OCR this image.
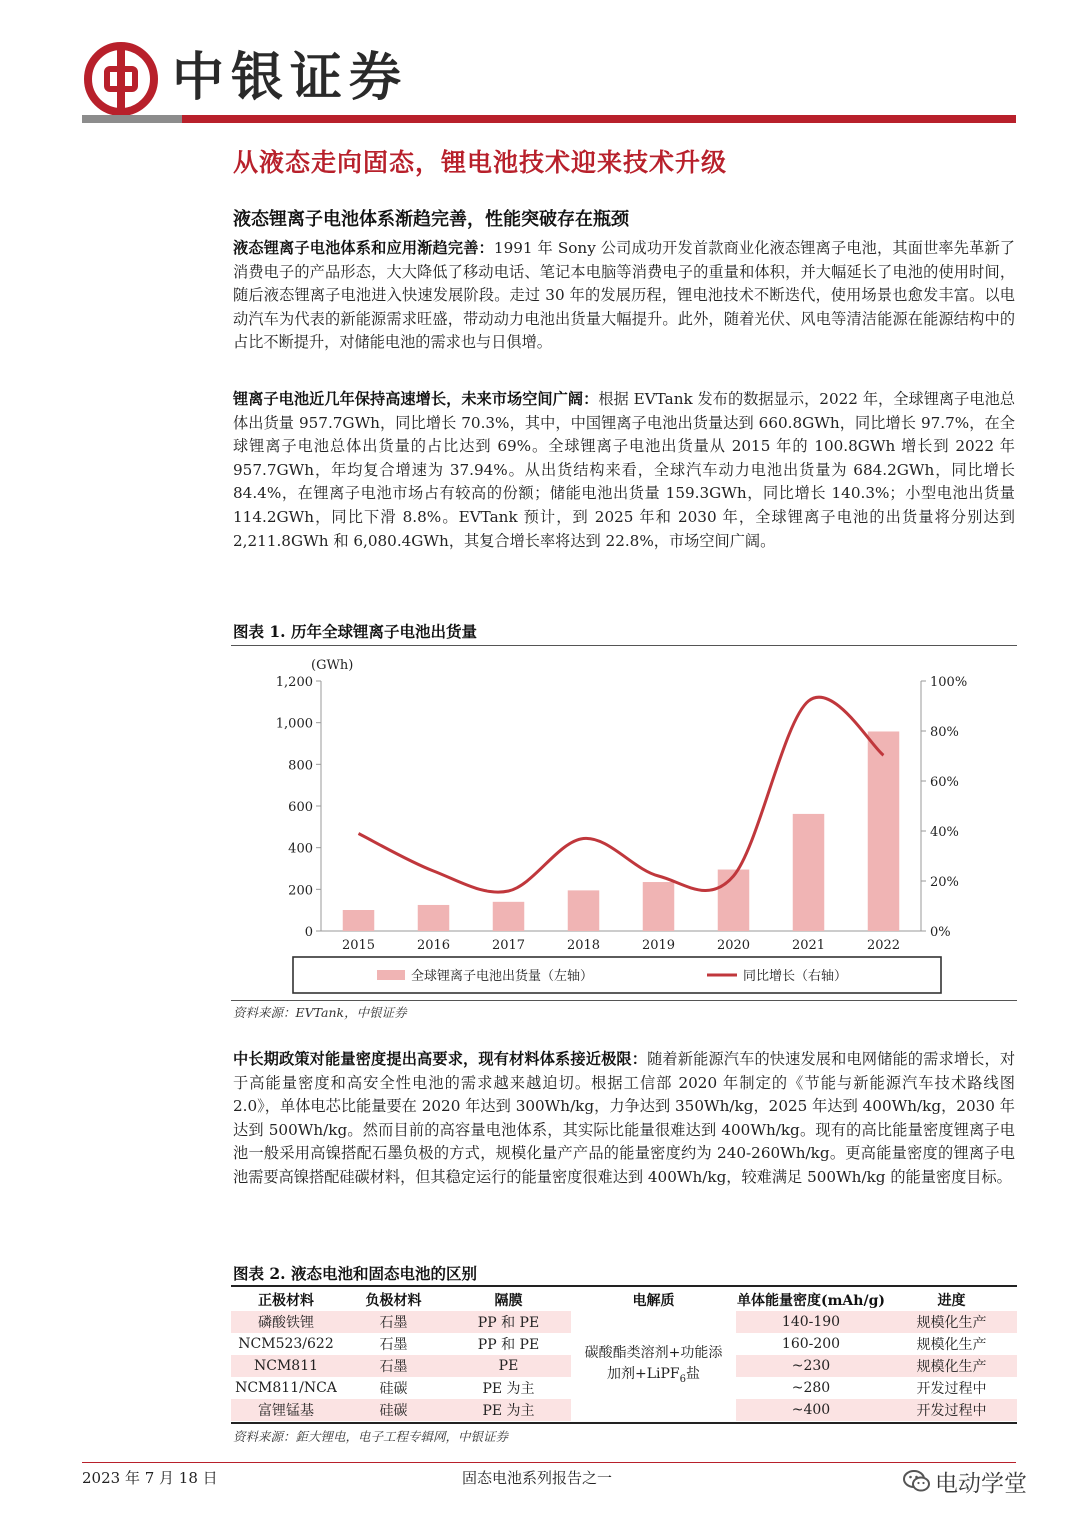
中银证券
从液态走向固态，锂电池技术迎来技术升级
液态锂离子电池体系渐趋完善，性能突破存在瓶颈
液态锂离子电池体系和应用渐趋完善：1991 年 Sony 公司成功开发首款商业化液态锂离子电池，其面世率先革新了消费电子的产品形态，大大降低了移动电话、笔记本电脑等消费电子的重量和体积，并大幅延长了电池的使用时间，随后液态锂离子电池进入快速发展阶段。走过 30 年的发展历程，锂电池技术不断迭代，使用场景也愈发丰富。以电动汽车为代表的新能源需求旺盛，带动动力电池出货量大幅提升。此外，随着光伏、风电等清洁能源在能源结构中的占比不断提升，对储能电池的需求也与日俱增。
锂离子电池近几年保持高速增长，未来市场空间广阔：根据 EVTank 发布的数据显示，2022 年，全球锂离子电池总体出货量 957.7GWh，同比增长 70.3%，其中，中国锂离子电池出货量达到 660.8GWh，同比增长 97.7%，在全球锂离子电池总体出货量的占比达到 69%。全球锂离子电池出货量从 2015 年的 100.8GWh 增长到 2022 年 957.7GWh，年均复合增速为 37.94%。从出货结构来看，全球汽车动力电池出货量为 684.2GWh，同比增长 84.4%，在锂离子电池市场占有较高的份额；储能电池出货量 159.3GWh，同比增长 140.3%；小型电池出货量 114.2GWh，同比下滑 8.8%。EVTank 预计，到 2025 年和 2030 年，全球锂离子电池的出货量将分别达到 2,211.8GWh 和 6,080.4GWh，其复合增长率将达到 22.8%，市场空间广阔。
图表 1. 历年全球锂离子电池出货量
(GWh)
0
200
400
600
800
1,000
1,200
0%
20%
40%
60%
80%
100%
2015	2016	2017	2018	2019	2020	2021	2022
全球锂离子电池出货量（左轴）	同比增长（右轴）
资料来源：EVTank，中银证券
中长期政策对能量密度提出高要求，现有材料体系接近极限：随着新能源汽车的快速发展和电网储能的需求增长，对于高能量密度和高安全性电池的需求越来越迫切。根据工信部 2020 年制定的《节能与新能源汽车技术路线图 2.0》，单体电芯比能量要在 2020 年达到 300Wh/kg，力争达到 350Wh/kg，2025 年达到 400Wh/kg，2030 年达到 500Wh/kg。然而目前的高容量电池体系，其实际比能量很难达到 400Wh/kg。现有的高比能量密度锂离子电池一般采用高镍搭配石墨负极的方式，规模化量产产品的能量密度约为 240-260Wh/kg。更高能量密度的锂离子电池需要高镍搭配硅碳材料，但其稳定运行的能量密度很难达到 400Wh/kg，较难满足 500Wh/kg 的能量密度目标。
图表 2. 液态电池和固态电池的区别
正极材料	负极材料	隔膜	电解质	单体能量密度(mAh/g)	进度
磷酸铁锂	石墨	PP 和 PE	碳酸酯类溶剂+功能添
加剂+LiPF$_6$盐	140-190	规模化生产
NCM523/622	石墨	PP 和 PE		160-200	规模化生产
NCM811	石墨	PE		~230	规模化生产
NCM811/NCA	硅碳	PE 为主		~280	开发过程中
富锂锰基	硅碳	PE 为主		~400	开发过程中
资料来源：鉅大锂电，电子工程专辑网，中银证券
2023 年 7 月 18 日	固态电池系列报告之一	电动学堂
